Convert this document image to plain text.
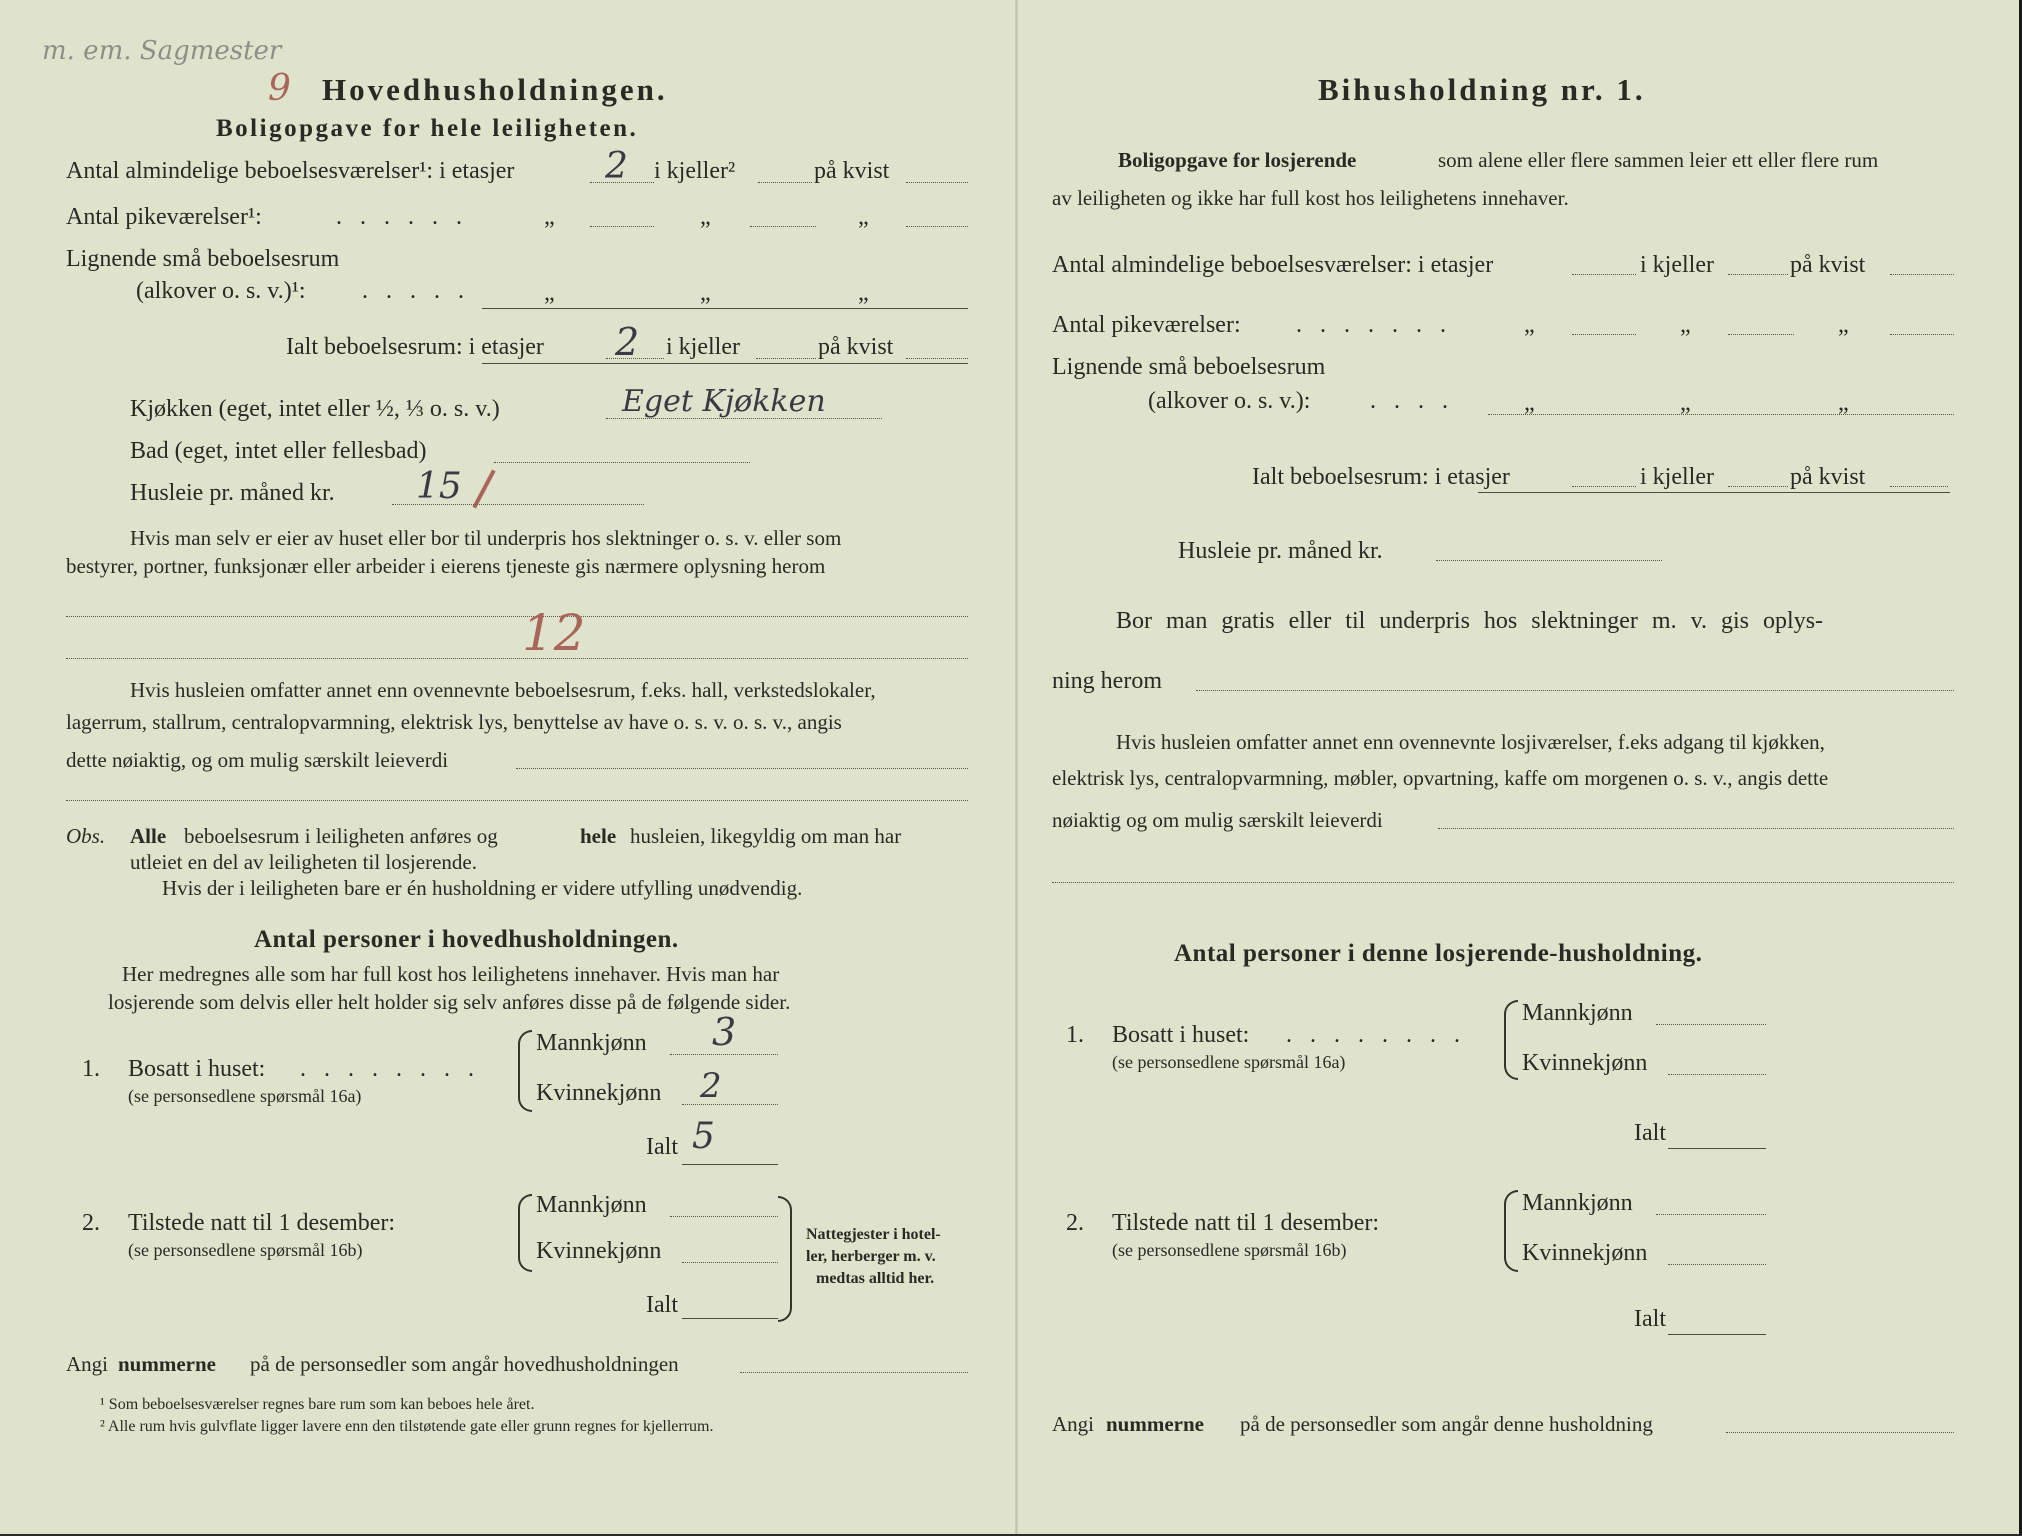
m. em. Sagmester
9 Hovedhusholdningen.
Boligopgave for hele leiligheten.
Antal almindelige beboelsesværelser¹: i etasjer	2 i kjeller²	på kvist
Antal pikeværelser¹:	. . . . . .	„	„	„
Lignende små beboelsesrum
(alkover o. s. v.)¹: . . . . .	„	„	„
Ialt beboelsesrum: i etasjer 2 i kjeller	på kvist
Kjøkken (eget, intet eller ½, ⅓ o. s. v.)	Eget Kjøkken
Bad (eget, intet eller fellesbad)
Husleie pr. måned kr. 15
Hvis man selv er eier av huset eller bor til underpris hos slektninger o. s. v. eller som
bestyrer, portner, funksjonær eller arbeider i eierens tjeneste gis nærmere oplysning herom
12
Hvis husleien omfatter annet enn ovennevnte beboelsesrum, f.eks. hall, verkstedslokaler,
lagerrum, stallrum, centralopvarmning, elektrisk lys, benyttelse av have o. s. v. o. s. v., angis
dette nøiaktig, og om mulig særskilt leieverdi
Obs. Alle beboelsesrum i leiligheten anføres og	hele husleien, likegyldig om man har
utleiet en del av leiligheten til losjerende.
Hvis der i leiligheten bare er én husholdning er videre utfylling unødvendig.
Antal personer i hovedhusholdningen.
Her medregnes alle som har full kost hos leilighetens innehaver. Hvis man har
losjerende som delvis eller helt holder sig selv anføres disse på de følgende sider.
1. Bosatt i huset: . . . . . . . .
(se personsedlene spørsmål 16a)
Mannkjønn 3
Kvinnekjønn 2
Ialt 5
2. Tilstede natt til 1 desember:
(se personsedlene spørsmål 16b)
Mannkjønn
Kvinnekjønn
Ialt
Nattegjester i hotel-
ler, herberger m. v.
medtas alltid her.
Angi nummerne på de personsedler som angår hovedhusholdningen
¹ Som beboelsesværelser regnes bare rum som kan beboes hele året.
² Alle rum hvis gulvflate ligger lavere enn den tilstøtende gate eller grunn regnes for kjellerrum.
Bihusholdning nr. 1.
Boligopgave for losjerende	som alene eller flere sammen leier ett eller flere rum
av leiligheten og ikke har full kost hos leilighetens innehaver.
Antal almindelige beboelsesværelser: i etasjer	i kjeller	på kvist
Antal pikeværelser: . . . . . . .	„	„	„
Lignende små beboelsesrum
(alkover o. s. v.): . . . .	„	„	„
Ialt beboelsesrum: i etasjer	i kjeller	på kvist
Husleie pr. måned kr.
Bor man gratis eller til underpris hos slektninger m. v. gis oplys-
ning herom
Hvis husleien omfatter annet enn ovennevnte losjiværelser, f.eks adgang til kjøkken,
elektrisk lys, centralopvarmning, møbler, opvartning, kaffe om morgenen o. s. v., angis dette
nøiaktig og om mulig særskilt leieverdi
Antal personer i denne losjerende-husholdning.
1. Bosatt i huset: . . . . . . . .
(se personsedlene spørsmål 16a)
Mannkjønn
Kvinnekjønn
Ialt
2. Tilstede natt til 1 desember:
(se personsedlene spørsmål 16b)
Mannkjønn
Kvinnekjønn
Ialt
Angi nummerne på de personsedler som angår denne husholdning
